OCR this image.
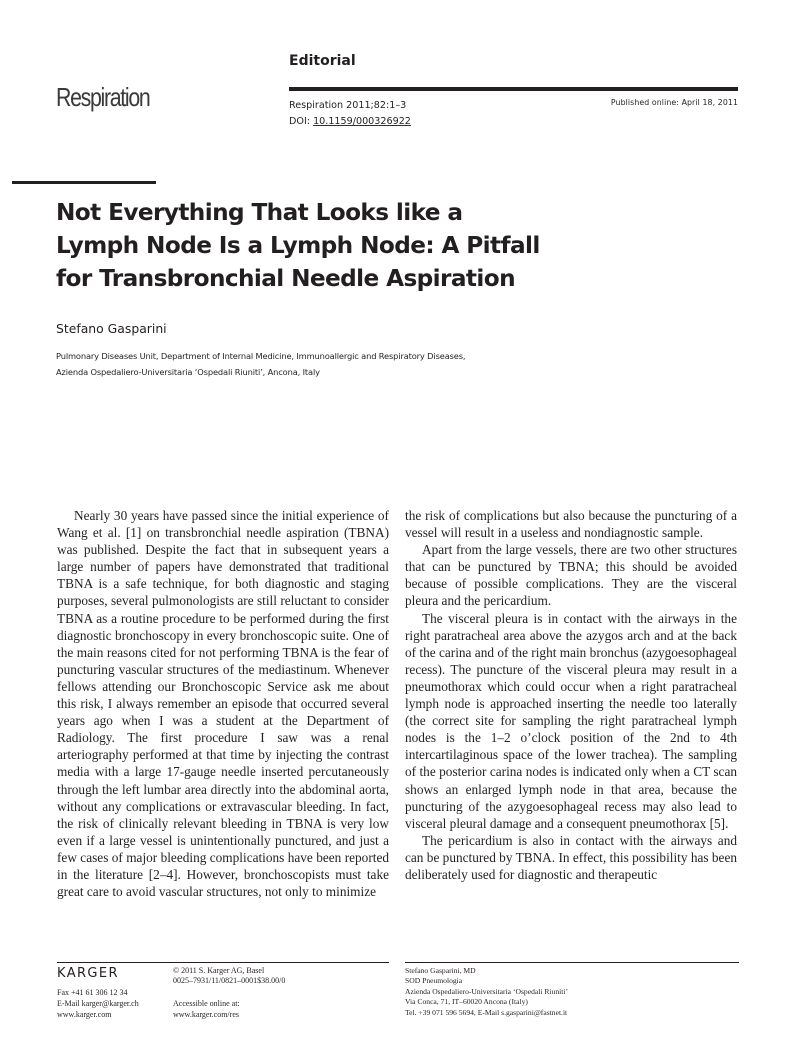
Respiration
Editorial
Respiration 2011;82:1–3
DOI: 10.1159/000326922
Published online: April 18, 2011
Not Everything That Looks like a
Lymph Node Is a Lymph Node: A Pitfall
for Transbronchial Needle Aspiration
Stefano Gasparini
Pulmonary Diseases Unit, Department of Internal Medicine, Immunoallergic and Respiratory Diseases,
Azienda Ospedaliero-Universitaria ‘Ospedali Riuniti’, Ancona, Italy

Nearly 30 years have passed since the initial experience of Wang et al. [1] on transbronchial needle aspiration (TBNA) was published. Despite the fact that in subsequent years a large number of papers have demonstrated that traditional TBNA is a safe technique, for both diagnostic and staging purposes, several pulmonologists are still reluctant to consider TBNA as a routine procedure to be performed during the first diagnostic bronchoscopy in every bronchoscopic suite. One of the main reasons cited for not performing TBNA is the fear of puncturing vascular structures of the mediastinum. Whenever fellows attending our Bronchoscopic Service ask me about this risk, I always remember an episode that occurred several years ago when I was a student at the Department of Radiology. The first procedure I saw was a renal arteriography performed at that time by injecting the contrast media with a large 17-gauge needle inserted percutaneously through the left lumbar area directly into the abdominal aorta, without any complications or extravascular bleeding. In fact, the risk of clinically relevant bleeding in TBNA is very low even if a large vessel is unintentionally punctured, and just a few cases of major bleeding complications have been reported in the literature [2–4]. However, bronchoscopists must take great care to avoid vascular structures, not only to minimize

the risk of complications but also because the puncturing of a vessel will result in a useless and nondiagnostic sample.

Apart from the large vessels, there are two other structures that can be punctured by TBNA; this should be avoided because of possible complications. They are the visceral pleura and the pericardium.

The visceral pleura is in contact with the airways in the right paratracheal area above the azygos arch and at the back of the carina and of the right main bronchus (azygoesophageal recess). The puncture of the visceral pleura may result in a pneumothorax which could occur when a right paratracheal lymph node is approached inserting the needle too laterally (the correct site for sampling the right paratracheal lymph nodes is the 1–2 o’clock position of the 2nd to 4th intercartilaginous space of the lower trachea). The sampling of the posterior carina nodes is indicated only when a CT scan shows an enlarged lymph node in that area, because the puncturing of the azygoesophageal recess may also lead to visceral pleural damage and a consequent pneumothorax [5].

The pericardium is also in contact with the airways and can be punctured by TBNA. In effect, this possibility has been deliberately used for diagnostic and therapeutic

KARGER
Fax +41 61 306 12 34
E-Mail karger@karger.ch
www.karger.com
© 2011 S. Karger AG, Basel
0025–7931/11/0821–0001$38.00/0
Accessible online at:
www.karger.com/res
Stefano Gasparini, MD
SOD Pneumologia
Azienda Ospedaliero-Universitaria ‘Ospedali Riuniti’
Via Conca, 71, IT–60020 Ancona (Italy)
Tel. +39 071 596 5694, E-Mail s.gasparini@fastnet.it
